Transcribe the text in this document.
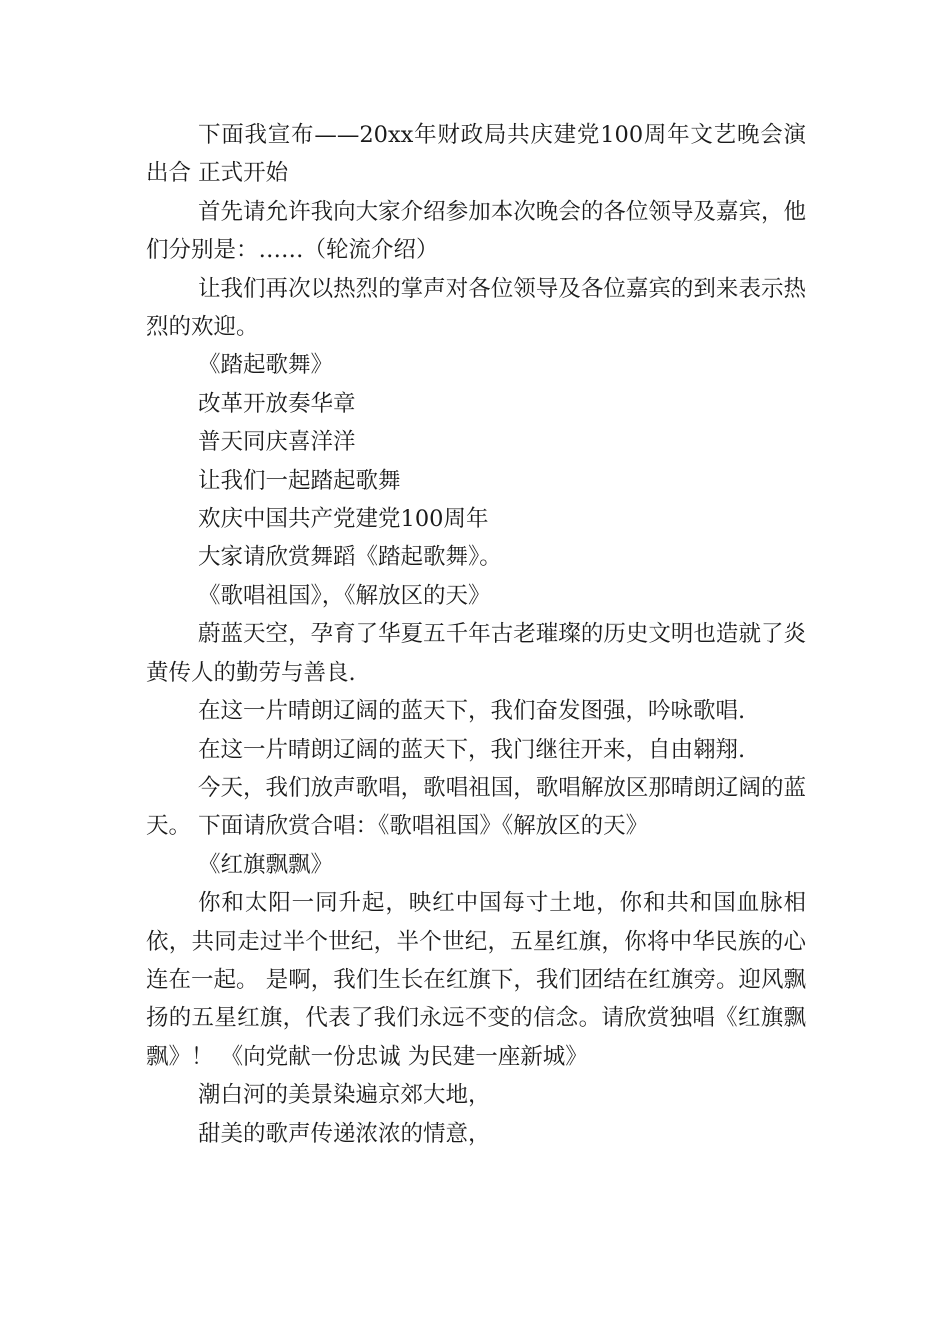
下面我宣布——20xx年财政局共庆建党100周年文艺晚会演出合 正式开始

首先请允许我向大家介绍参加本次晚会的各位领导及嘉宾，他们分别是：……（轮流介绍）

让我们再次以热烈的掌声对各位领导及各位嘉宾的到来表示热烈的欢迎。

《踏起歌舞》

改革开放奏华章

普天同庆喜洋洋

让我们一起踏起歌舞

欢庆中国共产党建党100周年

大家请欣赏舞蹈《踏起歌舞》。

《歌唱祖国》，《解放区的天》

蔚蓝天空，孕育了华夏五千年古老璀璨的历史文明也造就了炎黄传人的勤劳与善良.

在这一片晴朗辽阔的蓝天下，我们奋发图强，吟咏歌唱.

在这一片晴朗辽阔的蓝天下，我门继往开来，自由翱翔.

今天，我们放声歌唱，歌唱祖国，歌唱解放区那晴朗辽阔的蓝天。 下面请欣赏合唱：《歌唱祖国》《解放区的天》

《红旗飘飘》

你和太阳一同升起，映红中国每寸土地，你和共和国血脉相依，共同走过半个世纪，半个世纪，五星红旗，你将中华民族的心连在一起。 是啊，我们生长在红旗下，我们团结在红旗旁。迎风飘扬的五星红旗，代表了我们永远不变的信念。请欣赏独唱《红旗飘飘》！ 《向党献一份忠诚 为民建一座新城》

潮白河的美景染遍京郊大地，

甜美的歌声传递浓浓的情意，
